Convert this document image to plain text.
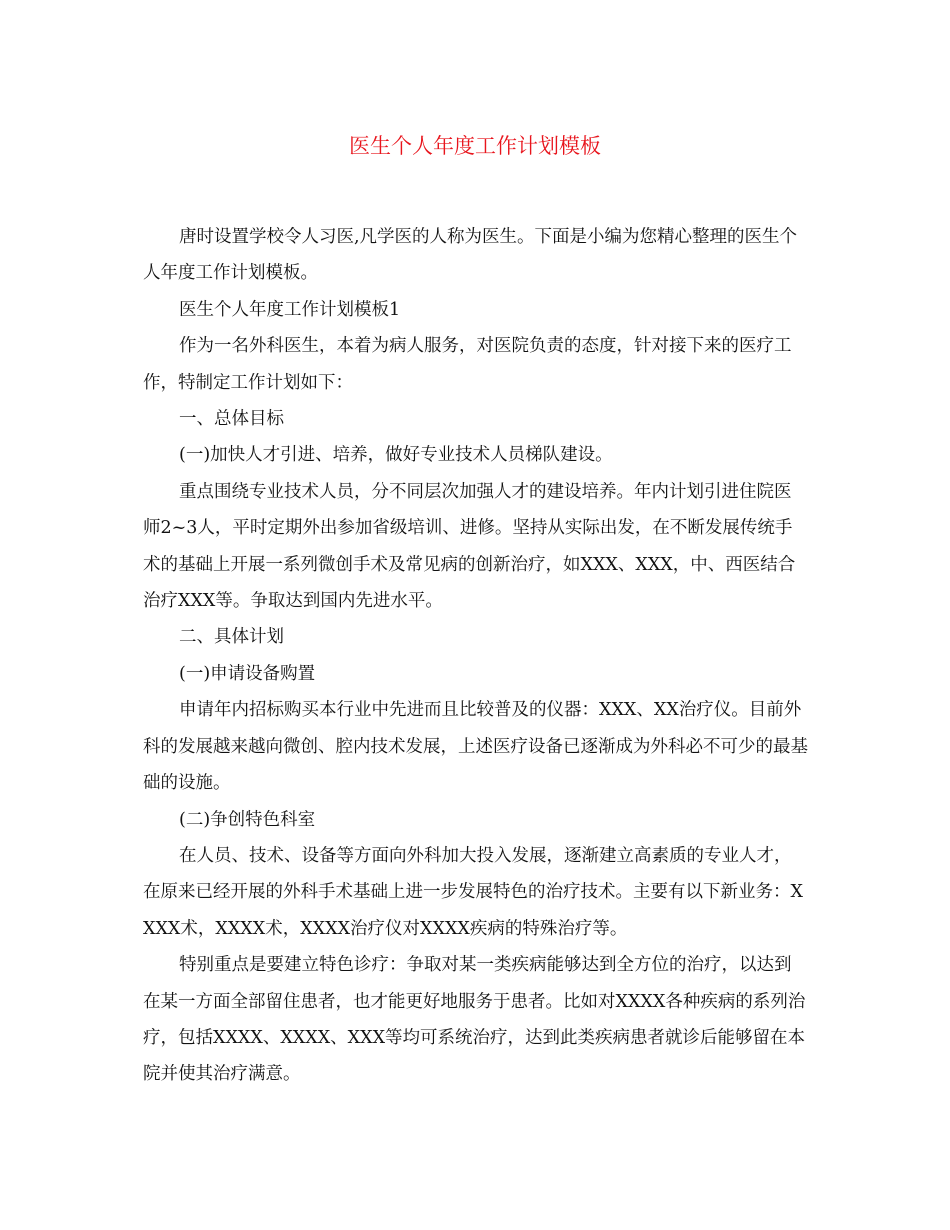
医生个人年度工作计划模板

唐时设置学校令人习医,凡学医的人称为医生。下面是小编为您精心整理的医生个人年度工作计划模板。

医生个人年度工作计划模板1

作为一名外科医生，本着为病人服务，对医院负责的态度，针对接下来的医疗工作，特制定工作计划如下：

一、总体目标

(一)加快人才引进、培养，做好专业技术人员梯队建设。

重点围绕专业技术人员，分不同层次加强人才的建设培养。年内计划引进住院医师2~3人，平时定期外出参加省级培训、进修。坚持从实际出发，在不断发展传统手术的基础上开展一系列微创手术及常见病的创新治疗，如XXX、XXX，中、西医结合治疗XXX等。争取达到国内先进水平。

二、具体计划

(一)申请设备购置

申请年内招标购买本行业中先进而且比较普及的仪器：XXX、XX治疗仪。目前外科的发展越来越向微创、腔内技术发展，上述医疗设备已逐渐成为外科必不可少的最基础的设施。

(二)争创特色科室

在人员、技术、设备等方面向外科加大投入发展，逐渐建立高素质的专业人才，在原来已经开展的外科手术基础上进一步发展特色的治疗技术。主要有以下新业务：XXXX术，XXXX术，XXXX治疗仪对XXXX疾病的特殊治疗等。

特别重点是要建立特色诊疗：争取对某一类疾病能够达到全方位的治疗，以达到在某一方面全部留住患者，也才能更好地服务于患者。比如对XXXX各种疾病的系列治疗，包括XXXX、XXXX、XXX等均可系统治疗，达到此类疾病患者就诊后能够留在本院并使其治疗满意。
